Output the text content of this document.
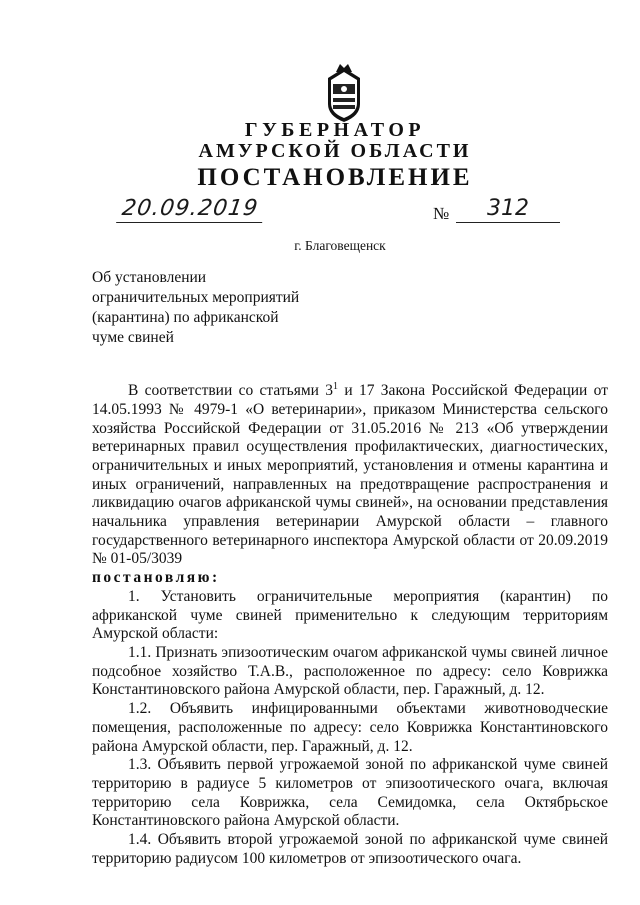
ГУБЕРНАТОР
АМУРСКОЙ ОБЛАСТИ
ПОСТАНОВЛЕНИЕ
20.09.2019	№	312
г. Благовещенск
Об установлении
ограничительных мероприятий
(карантина) по африканской
чуме свиней
В соответствии со статьями $3^1$ и 17 Закона Российской Федерации от 14.05.1993 № 4979-1 «О ветеринарии», приказом Министерства сельского хозяйства Российской Федерации от 31.05.2016 № 213 «Об утверждении ветеринарных правил осуществления профилактических, диагностических, ограничительных и иных мероприятий, установления и отмены карантина и иных ограничений, направленных на предотвращение распространения и ликвидацию очагов африканской чумы свиней», на основании представления начальника управления ветеринарии Амурской области – главного государственного ветеринарного инспектора Амурской области от 20.09.2019 № 01-05/3039
постановляю:
1. Установить ограничительные мероприятия (карантин) по африканской чуме свиней применительно к следующим территориям Амурской области:
1.1. Признать эпизоотическим очагом африканской чумы свиней личное подсобное хозяйство Т.А.В., расположенное по адресу: село Коврижка Константиновского района Амурской области, пер. Гаражный, д. 12.
1.2. Объявить инфицированными объектами животноводческие помещения, расположенные по адресу: село Коврижка Константиновского района Амурской области, пер. Гаражный, д. 12.
1.3. Объявить первой угрожаемой зоной по африканской чуме свиней территорию в радиусе 5 километров от эпизоотического очага, включая территорию села Коврижка, села Семидомка, села Октябрьское Константиновского района Амурской области.
1.4. Объявить второй угрожаемой зоной по африканской чуме свиней территорию радиусом 100 километров от эпизоотического очага.
